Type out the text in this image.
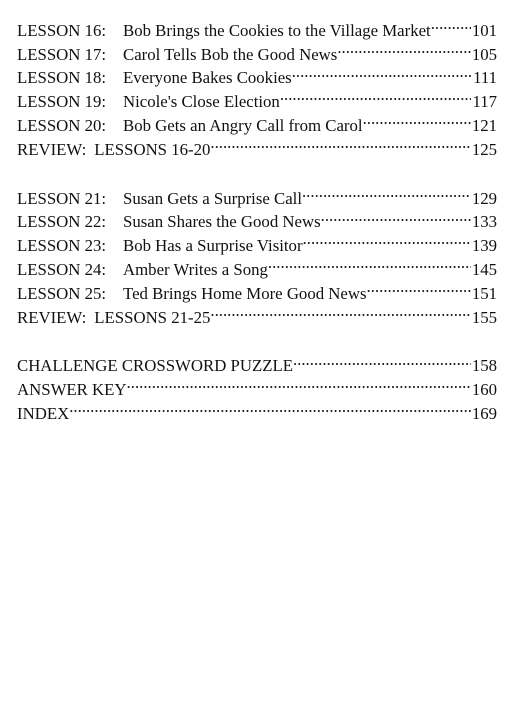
LESSON 16:	Bob Brings the Cookies to the Village Market ..... 101
LESSON 17:	Carol Tells Bob the Good News .....	105
LESSON 18:	Everyone Bakes Cookies .....	111
LESSON 19:	Nicole's Close Election .....	117
LESSON 20:	Bob Gets an Angry Call from Carol .....	121
REVIEW: LESSONS 16-20 .....	125
LESSON 21:	Susan Gets a Surprise Call .....	129
LESSON 22:	Susan Shares the Good News .....	133
LESSON 23:	Bob Has a Surprise Visitor .....	139
LESSON 24:	Amber Writes a Song .....	145
LESSON 25:	Ted Brings Home More Good News .....	151
REVIEW: LESSONS 21-25 .....	155
CHALLENGE CROSSWORD PUZZLE .....	158
ANSWER KEY .....	160
INDEX .....	169
